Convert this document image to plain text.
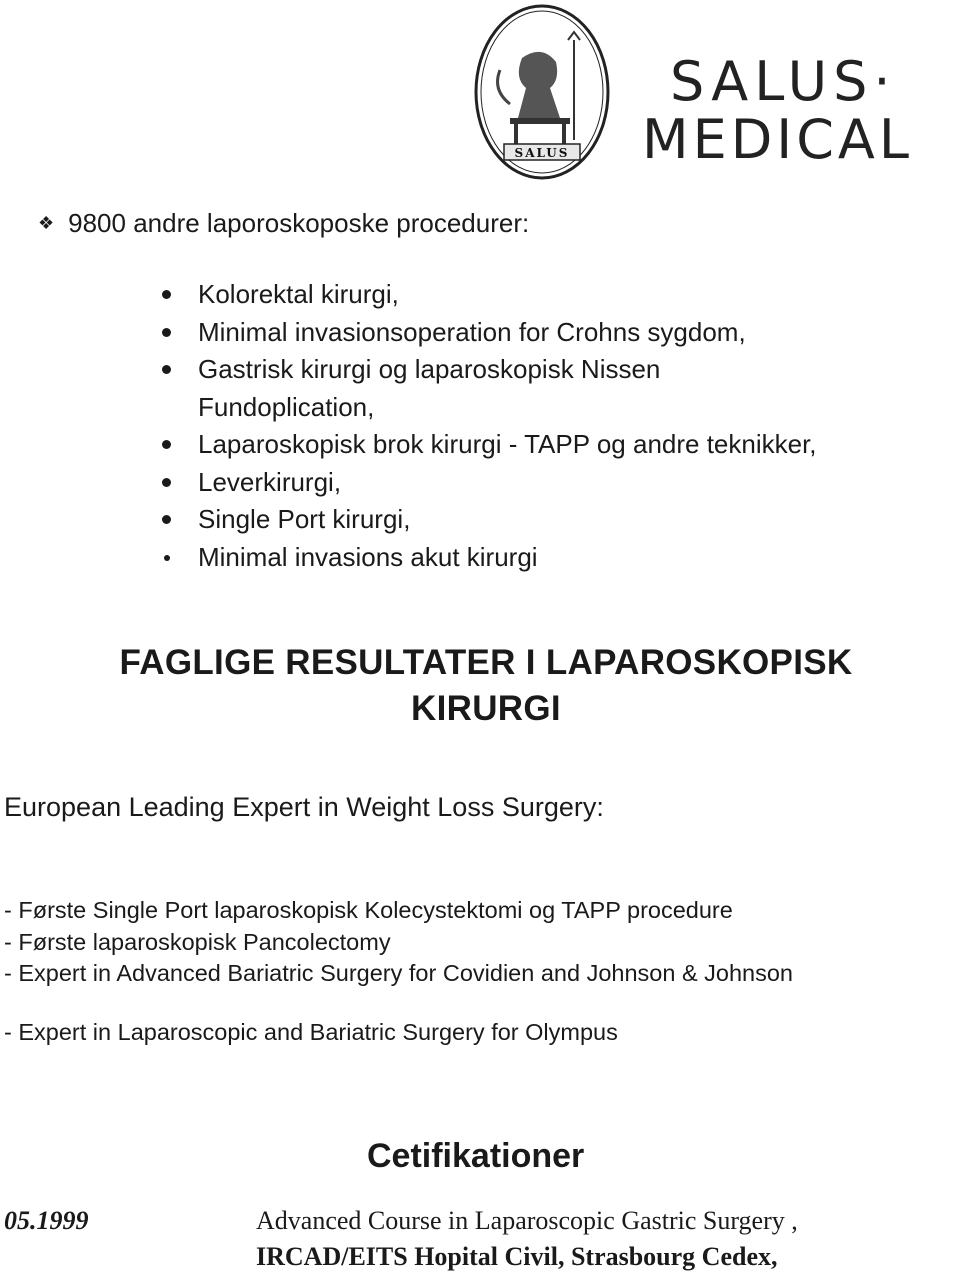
SALUS
SALUS·
MEDICAL
❖ 9800 andre laporoskoposke procedurer:
Kolorektal kirurgi,
Minimal invasionsoperation for Crohns sygdom,
Gastrisk kirurgi og laparoskopisk Nissen
Fundoplication,
Laparoskopisk brok kirurgi - TAPP og andre teknikker,
Leverkirurgi,
Single Port kirurgi,
Minimal invasions akut kirurgi
FAGLIGE RESULTATER I LAPAROSKOPISK
KIRURGI
European Leading Expert in Weight Loss Surgery:
- Første Single Port laparoskopisk Kolecystektomi og TAPP procedure
- Første laparoskopisk Pancolectomy
- Expert in Advanced Bariatric Surgery for Covidien and Johnson & Johnson
- Expert in Laparoscopic and Bariatric Surgery for Olympus
Cetifikationer
05.1999	Advanced Course in Laparoscopic Gastric Surgery ,
IRCAD/EITS Hopital Civil, Strasbourg Cedex,
